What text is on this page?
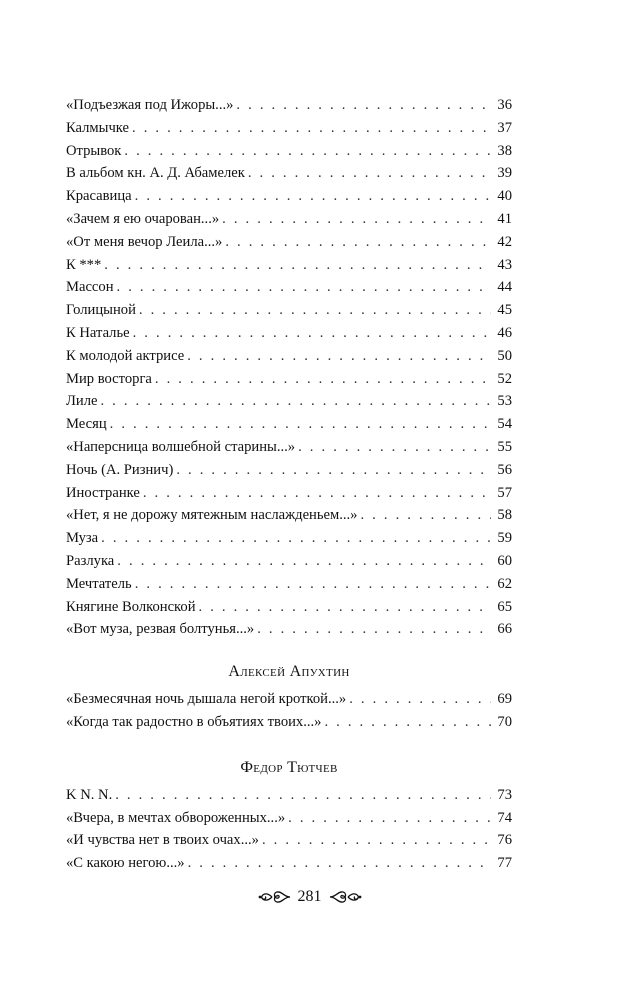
«Подъезжая под Ижоры...» . . .	36
Калмычке . . .	37
Отрывок . . .	38
В альбом кн. А. Д. Абамелек . . .	39
Красавица . . .	40
«Зачем я ею очарован...» . . .	41
«От меня вечор Леила...» . . .	42
К *** . . .	43
Массон . . .	44
Голицыной . . .	45
К Наталье . . .	46
К молодой актрисе . . .	50
Мир восторга . . .	52
Лиле . . .	53
Месяц . . .	54
«Наперсница волшебной старины...» . . .	55
Ночь (А. Ризнич) . . .	56
Иностранке . . .	57
«Нет, я не дорожу мятежным наслажденьем...» . . .	58
Муза . . .	59
Разлука . . .	60
Мечтатель . . .	62
Княгине Волконской . . .	65
«Вот муза, резвая болтунья...» . . .	66
Алексей Апухтин
«Безмесячная ночь дышала негой кроткой...» . . .	69
«Когда так радостно в объятиях твоих...» . . .	70
Федор Тютчев
K N. N. . . .	73
«Вчера, в мечтах обвороженных...» . . .	74
«И чувства нет в твоих очах...» . . .	76
«С какою негою...» . . .	77
281
